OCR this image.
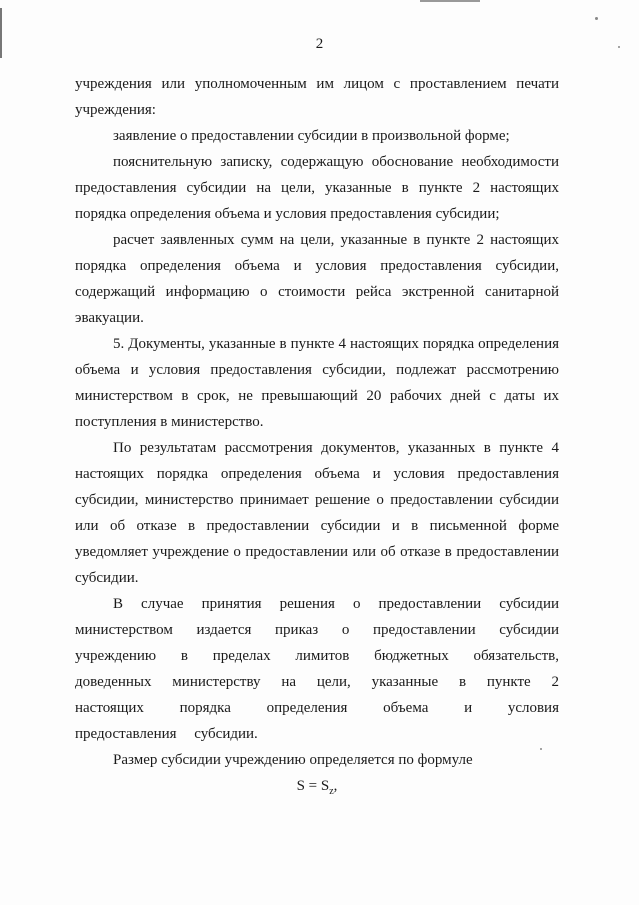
2

учреждения или уполномоченным им лицом с проставлением печати учреждения:

заявление о предоставлении субсидии в произвольной форме;

пояснительную записку, содержащую обоснование необходимости предоставления субсидии на цели, указанные в пункте 2 настоящих порядка определения объема и условия предоставления субсидии;

расчет заявленных сумм на цели, указанные в пункте 2 настоящих порядка определения объема и условия предоставления субсидии, содержащий информацию о стоимости рейса экстренной санитарной эвакуации.

5. Документы, указанные в пункте 4 настоящих порядка определения объема и условия предоставления субсидии, подлежат рассмотрению министерством в срок, не превышающий 20 рабочих дней с даты их поступления в министерство.

По результатам рассмотрения документов, указанных в пункте 4 настоящих порядка определения объема и условия предоставления субсидии, министерство принимает решение о предоставлении субсидии или об отказе в предоставлении субсидии и в письменной форме уведомляет учреждение о предоставлении или об отказе в предоставлении субсидии.

В случае принятия решения о предоставлении субсидии министерством издается приказ о предоставлении субсидии учреждению в пределах лимитов бюджетных обязательств, доведенных министерству на цели, указанные в пункте 2 настоящих порядка определения объема и условия предоставления субсидии.

Размер субсидии учреждению определяется по формуле

$S = S_z$,
